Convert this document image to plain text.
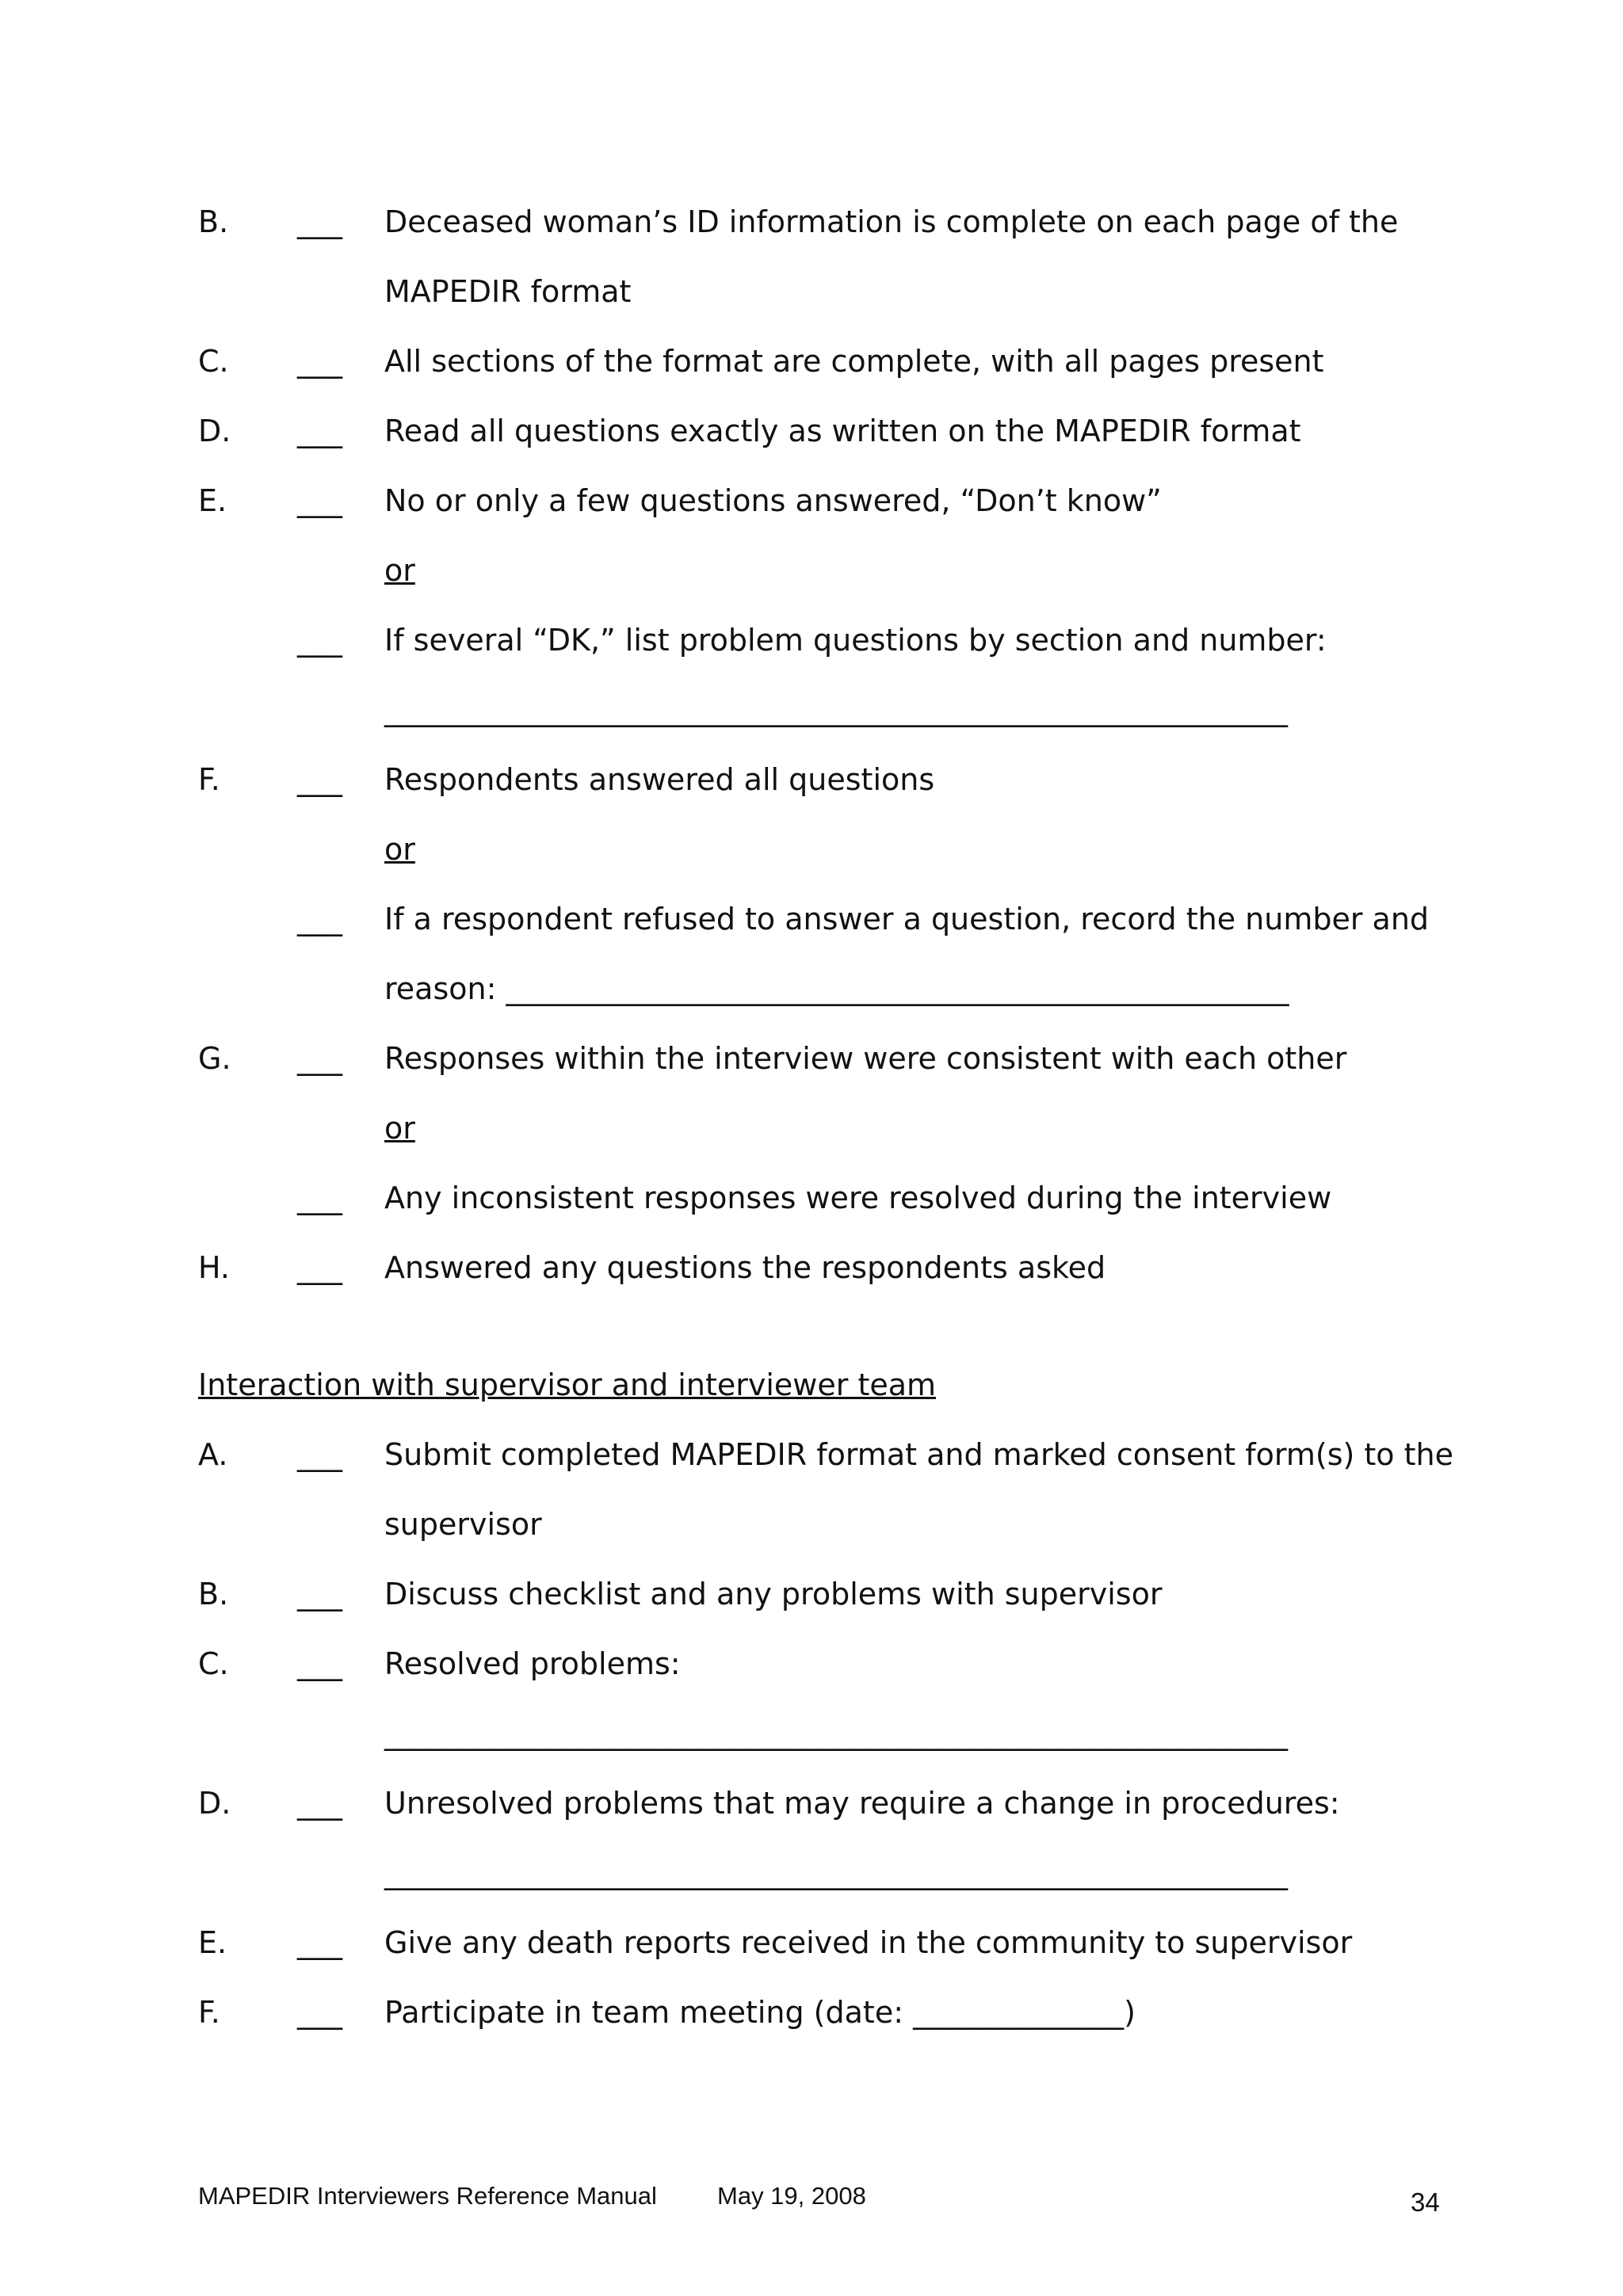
B. ___ Deceased woman’s ID information is complete on each page of the
MAPEDIR format
C. ___ All sections of the format are complete, with all pages present
D. ___ Read all questions exactly as written on the MAPEDIR format
E. ___ No or only a few questions answered, “Don’t know”
or
___ If several “DK,” list problem questions by section and number:
____________________________________________________________
F.	___ Respondents answered all questions
or
___ If a respondent refused to answer a question, record the number and
reason: ____________________________________________________
G. ___ Responses within the interview were consistent with each other
or
___ Any inconsistent responses were resolved during the interview
H. ___ Answered any questions the respondents asked
Interaction with supervisor and interviewer team
A. ___ Submit completed MAPEDIR format and marked consent form(s) to the
supervisor
B. ___ Discuss checklist and any problems with supervisor
C. ___ Resolved problems:
____________________________________________________________
D. ___ Unresolved problems that may require a change in procedures:
____________________________________________________________
E. ___ Give any death reports received in the community to supervisor
F.	___ Participate in team meeting (date: ______________)
MAPEDIR Interviewers Reference Manual May 19, 2008	34
